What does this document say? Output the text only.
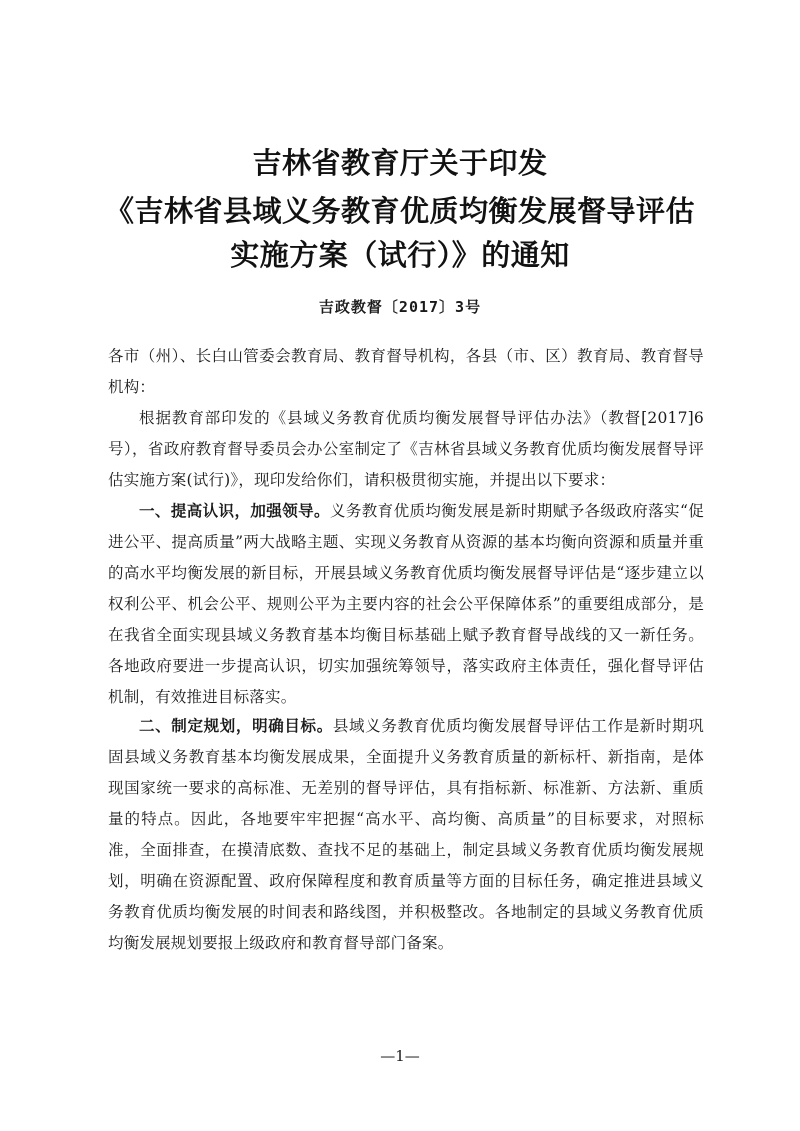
吉林省教育厅关于印发
《吉林省县域义务教育优质均衡发展督导评估
实施方案（试行）》的通知
吉政教督〔2017〕3号
各市（州）、长白山管委会教育局、教育督导机构，各县（市、区）教育局、教育督导机构：
根据教育部印发的《县域义务教育优质均衡发展督导评估办法》（教督[2017]6号），省政府教育督导委员会办公室制定了《吉林省县域义务教育优质均衡发展督导评估实施方案(试行)》，现印发给你们，请积极贯彻实施，并提出以下要求：
一、提高认识，加强领导。义务教育优质均衡发展是新时期赋予各级政府落实“促进公平、提高质量”两大战略主题、实现义务教育从资源的基本均衡向资源和质量并重的高水平均衡发展的新目标，开展县域义务教育优质均衡发展督导评估是“逐步建立以权利公平、机会公平、规则公平为主要内容的社会公平保障体系”的重要组成部分，是在我省全面实现县域义务教育基本均衡目标基础上赋予教育督导战线的又一新任务。各地政府要进一步提高认识，切实加强统筹领导，落实政府主体责任，强化督导评估机制，有效推进目标落实。
二、制定规划，明确目标。县域义务教育优质均衡发展督导评估工作是新时期巩固县域义务教育基本均衡发展成果，全面提升义务教育质量的新标杆、新指南，是体现国家统一要求的高标准、无差别的督导评估，具有指标新、标准新、方法新、重质量的特点。因此，各地要牢牢把握“高水平、高均衡、高质量”的目标要求，对照标准，全面排查，在摸清底数、查找不足的基础上，制定县域义务教育优质均衡发展规划，明确在资源配置、政府保障程度和教育质量等方面的目标任务，确定推进县域义务教育优质均衡发展的时间表和路线图，并积极整改。各地制定的县域义务教育优质均衡发展规划要报上级政府和教育督导部门备案。
—1—
